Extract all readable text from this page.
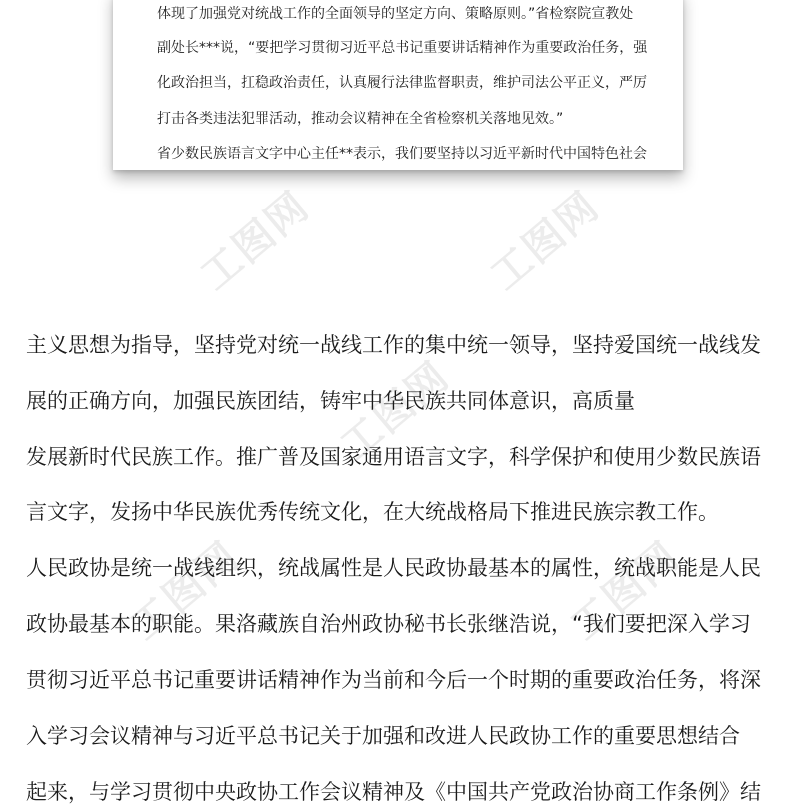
工图网	工图网
工图网
工图网	工图网
体现了加强党对统战工作的全面领导的坚定方向、策略原则。”省检察院宣教处
副处长***说，“要把学习贯彻习近平总书记重要讲话精神作为重要政治任务，强
化政治担当，扛稳政治责任，认真履行法律监督职责，维护司法公平正义，严厉
打击各类违法犯罪活动，推动会议精神在全省检察机关落地见效。”
省少数民族语言文字中心主任**表示，我们要坚持以习近平新时代中国特色社会
主义思想为指导，坚持党对统一战线工作的集中统一领导，坚持爱国统一战线发
展的正确方向，加强民族团结，铸牢中华民族共同体意识，高质量
发展新时代民族工作。推广普及国家通用语言文字，科学保护和使用少数民族语
言文字，发扬中华民族优秀传统文化，在大统战格局下推进民族宗教工作。
人民政协是统一战线组织，统战属性是人民政协最基本的属性，统战职能是人民
政协最基本的职能。果洛藏族自治州政协秘书长张继浩说，“我们要把深入学习
贯彻习近平总书记重要讲话精神作为当前和今后一个时期的重要政治任务，将深
入学习会议精神与习近平总书记关于加强和改进人民政协工作的重要思想结合
起来，与学习贯彻中央政协工作会议精神及《中国共产党政治协商工作条例》结
